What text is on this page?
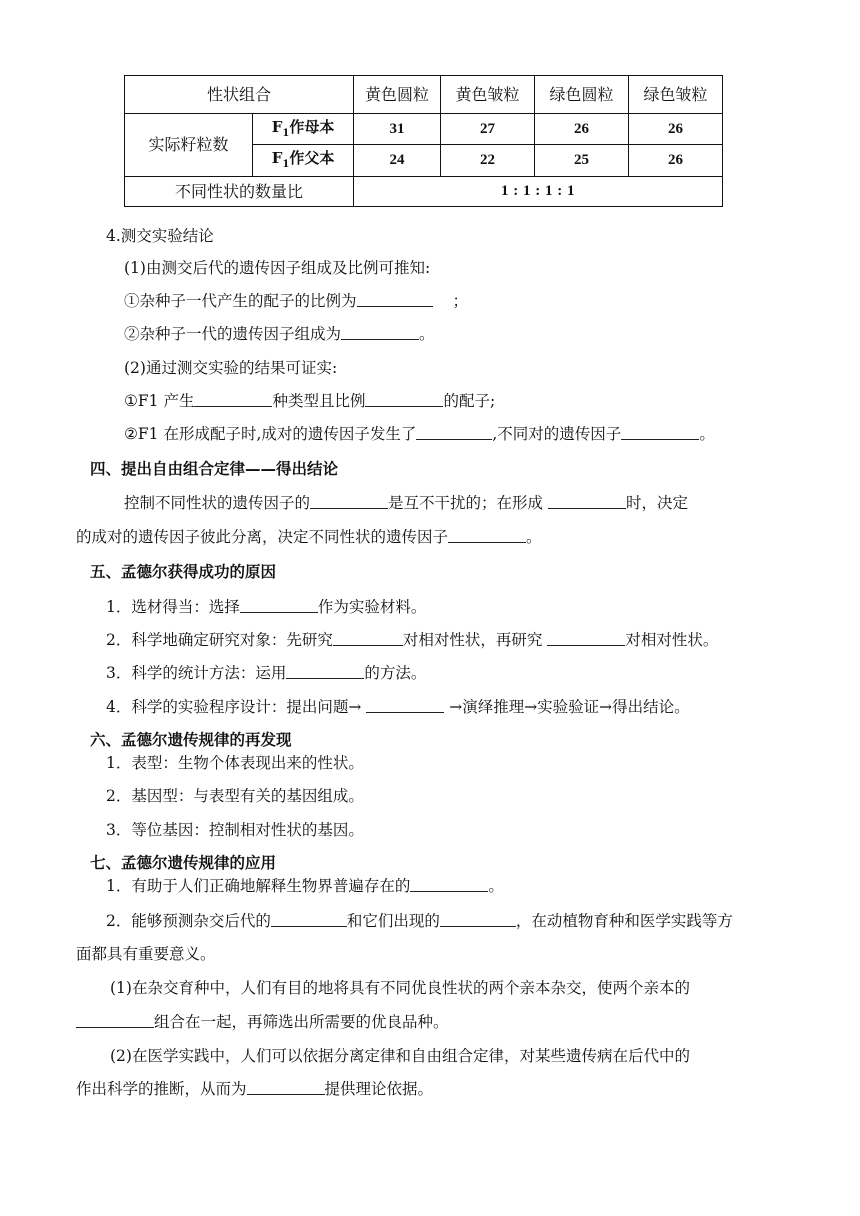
性状组合		黄色圆粒	黄色皱粒	绿色圆粒	绿色皱粒
实际籽粒数	$F_1$作母本	31	27	26	26
	$F_1$作父本	24	22	25	26
不同性状的数量比		1 : 1 : 1 : 1			
4.测交实验结论
(1)由测交后代的遗传因子组成及比例可推知:
①杂种子一代产生的配子的比例为	；
②杂种子一代的遗传因子组成为	。
(2)通过测交实验的结果可证实:
①F1 产生	种类型且比例	的配子;
②F1 在形成配子时,成对的遗传因子发生了	,不同对的遗传因子	。
四、提出自由组合定律——得出结论
控制不同性状的遗传因子的	是互不干扰的；在形成	时，决定
的成对的遗传因子彼此分离，决定不同性状的遗传因子	。
五、孟德尔获得成功的原因
1．选材得当：选择	作为实验材料。
2．科学地确定研究对象：先研究	对相对性状，再研究	对相对性状。
3．科学的统计方法：运用	的方法。
4．科学的实验程序设计：提出问题→	→演绎推理→实验验证→得出结论。
六、孟德尔遗传规律的再发现
1．表型：生物个体表现出来的性状。
2．基因型：与表型有关的基因组成。
3．等位基因：控制相对性状的基因。
七、孟德尔遗传规律的应用
1．有助于人们正确地解释生物界普遍存在的	。
2．能够预测杂交后代的	和它们出现的	，在动植物育种和医学实践等方
面都具有重要意义。
(1)在杂交育种中，人们有目的地将具有不同优良性状的两个亲本杂交，使两个亲本的
组合在一起，再筛选出所需要的优良品种。
(2)在医学实践中，人们可以依据分离定律和自由组合定律，对某些遗传病在后代中的
作出科学的推断，从而为	提供理论依据。
